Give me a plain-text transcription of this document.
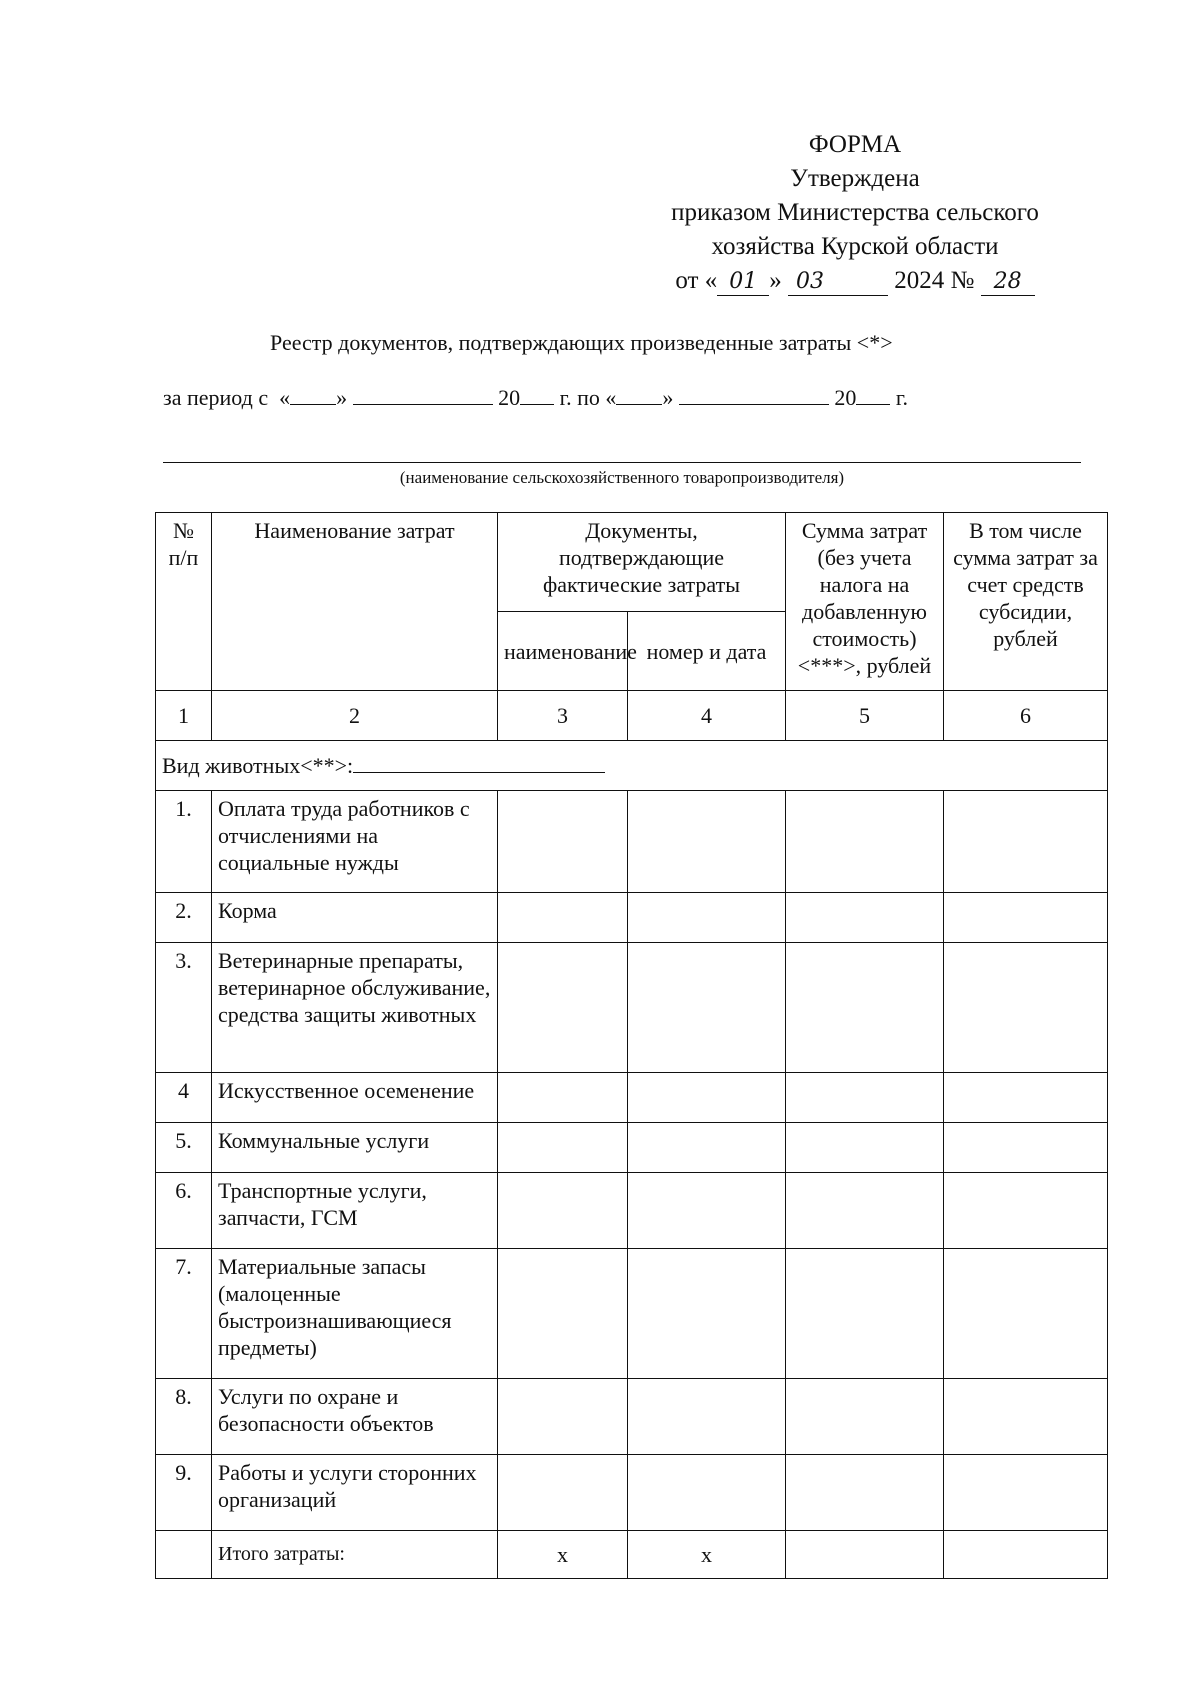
ФОРМА
Утверждена
приказом Министерства сельского
хозяйства Курской области
от « 01 » 03	2024 № 28
Реестр документов, подтверждающих произведенные затраты <*>
за период с « »	20 г. по « »	20 г.
(наименование сельскохозяйственного товаропроизводителя)
№ п/п	Наименование затрат	Документы, подтверждающие фактические затраты		Сумма затрат (без учета налога на добавленную стоимость) <***>, рублей	В том числе сумма затрат за счет средств субсидии, рублей
		наименование	номер и дата		
1	2	3	4	5	6
Вид животных<**>:					
1.	Оплата труда работников с отчислениями на социальные нужды				
2.	Корма				
3.	Ветеринарные препараты, ветеринарное обслуживание, средства защиты животных				
4	Искусственное осеменение				
5.	Коммунальные услуги				
6.	Транспортные услуги, запчасти, ГСМ				
7.	Материальные запасы (малоценные быстроизнашивающиеся предметы)				
8.	Услуги по охране и безопасности объектов				
9.	Работы и услуги сторонних организаций				
	Итого затраты:	x	x		
